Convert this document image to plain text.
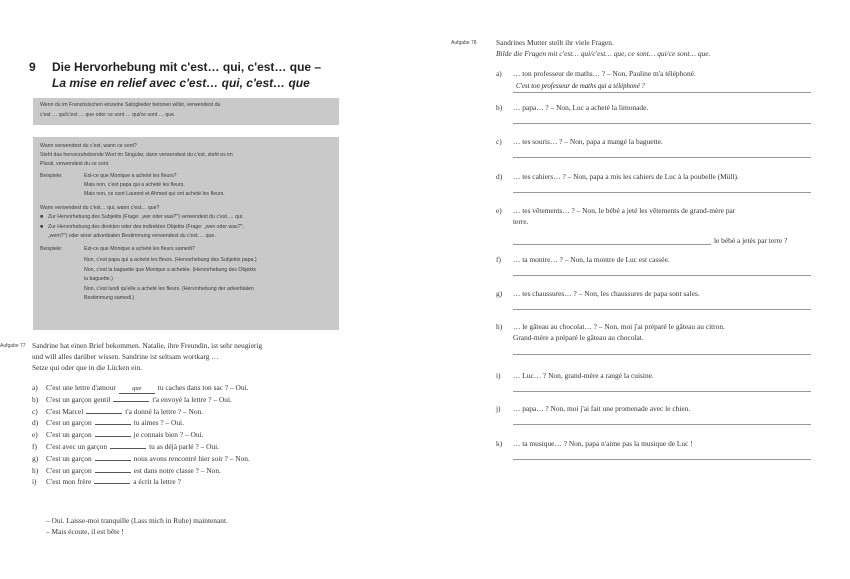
9 Die Hervorhebung mit c'est… qui, c'est… que –
La mise en relief avec c'est… qui, c'est… que
Wenn du im Französischen einzelne Satzglieder betonen willst, verwendest du
c'est … qui/c'est … que oder ce sont … qui/ce sont … que.
Wann verwendest du c'est, wann ce sont?
Steht das hervorzuhebende Wort im Singular, dann verwendest du c'est, steht es im
Plural, verwendest du ce sont.
Beispiele:	Est-ce que Monique a acheté les fleurs?
Mais non, c'est papa qui a acheté les fleurs.
Mais non, ce sont Laurent et Ahmed qui ont acheté les fleurs.
Wann verwendest du c'est… qui, wann c'est… que?
■ Zur Hervorhebung des Subjekts (Frage: „wer oder was?") verwendest du c'est…. qui.
■ Zur Hervorhebung des direkten oder des indirekten Objekts (Frage: „wen oder was?",
„wem?") oder einer adverbialen Bestimmung verwendest du c'est…. que.
Beispiele:	Est-ce que Monique a acheté les fleurs samedi?
Non, c'est papa qui a acheté les fleurs. (Hervorhebung des Subjekts papa.)
Non, c'est la baguette que Monique a achetée. (Hervorhebung des Objekts
la baguette.)
Non, c'est lundi qu'elle a acheté les fleurs. (Hervorhebung der adverbialen
Bestimmung samedi.)
Aufgabe 77 Sandrine hat einen Brief bekommen. Natalie, ihre Freundin, ist sehr neugierig
und will alles darüber wissen. Sandrine ist seltsam wortkarg …
Setze qui oder que in die Lücken ein.
a) C'est une lettre d'amour	que	tu caches dans ton sac ? – Oui.
b) C'est un garçon gentil	t'a envoyé la lettre ? – Oui.
c) C'est Marcel	t'a donné la lettre ? – Non.
d) C'est un garçon	tu aimes ? – Oui.
e) C'est un garçon	je connais bien ? – Oui.
f) C'est avec un garçon	tu as déjà parlé ? – Oui.
g) C'est un garçon	nous avons rencontré hier soir ? – Non.
h) C'est un garçon	est dans notre classe ? – Non.
i) C'est mon frère	a écrit la lettre ?
– Oui. Laisse-moi tranquille (Lass mich in Ruhe) maintenant.
– Mais écoute, il est bête !
Aufgabe 78	Sandrines Mutter stellt ihr viele Fragen.
Bilde die Fragen mit c'est… qui/c'est… que, ce sont… qui/ce sont… que.
a) … ton professeur de maths… ? – Non, Pauline m'a téléphoné.
C'est ton professeur de maths qui a téléphoné ?
b) … papa… ? – Non, Luc a acheté la limonade.
c) … tes souris… ? – Non, papa a mangé la baguette.
d) … tes cahiers… ? – Non, papa a mis les cahiers de Luc à la poubelle (Müll).
e) … tes vêtements… ? – Non, le bébé a jeté les vêtements de grand-mère par
terre.
le bébé a jetés par terre ?
f) … ta montre… ? – Non, la montre de Luc est cassée.
g) … tes chaussures… ? – Non, les chaussures de papa sont sales.
h) … le gâteau au chocolat… ? – Non, moi j'ai préparé le gâteau au citron.
Grand-mère a préparé le gâteau au chocolat.
i) … Luc… ? Non, grand-mère a rangé la cuisine.
j) … papa… ? Non, moi j'ai fait une promenade avec le chien.
k) … ta musique… ? Non, papa n'aime pas la musique de Luc !
